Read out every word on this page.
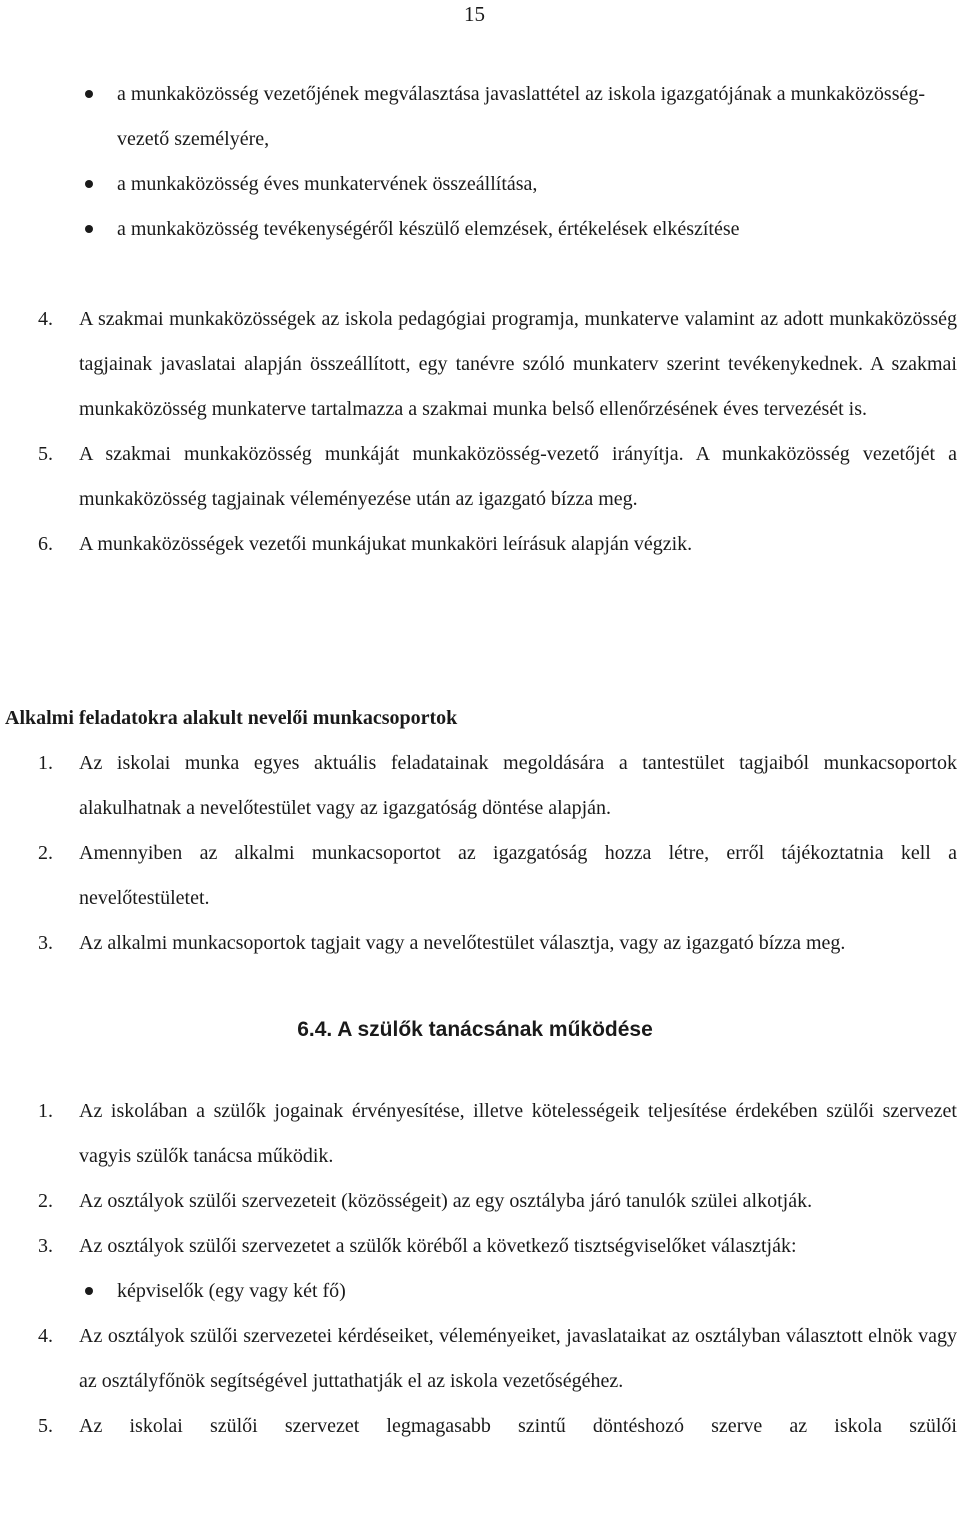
15
a munkaközösség vezetőjének megválasztása javaslattétel az iskola igazgatójának a munkaközösség-vezető személyére,
a munkaközösség éves munkatervének összeállítása,
a munkaközösség tevékenységéről készülő elemzések, értékelések elkészítése
4. A szakmai munkaközösségek az iskola pedagógiai programja, munkaterve valamint az adott munkaközösség tagjainak javaslatai alapján összeállított, egy tanévre szóló munkaterv szerint tevékenykednek. A szakmai munkaközösség munkaterve tartalmazza a szakmai munka belső ellenőrzésének éves tervezését is.
5. A szakmai munkaközösség munkáját munkaközösség-vezető irányítja. A munkaközösség vezetőjét a munkaközösség tagjainak véleményezése után az igazgató bízza meg.
6. A munkaközösségek vezetői munkájukat munkaköri leírásuk alapján végzik.
Alkalmi feladatokra alakult nevelői munkacsoportok
1. Az iskolai munka egyes aktuális feladatainak megoldására a tantestület tagjaiból munkacsoportok alakulhatnak a nevelőtestület vagy az igazgatóság döntése alapján.
2. Amennyiben az alkalmi munkacsoportot az igazgatóság hozza létre, erről tájékoztatnia kell a nevelőtestületet.
3. Az alkalmi munkacsoportok tagjait vagy a nevelőtestület választja, vagy az igazgató bízza meg.
6.4. A szülők tanácsának működése
1. Az iskolában a szülők jogainak érvényesítése, illetve kötelességeik teljesítése érdekében szülői szervezet vagyis szülők tanácsa működik.
2. Az osztályok szülői szervezeteit (közösségeit) az egy osztályba járó tanulók szülei alkotják.
3. Az osztályok szülői szervezetet a szülők köréből a következő tisztségviselőket választják:
képviselők (egy vagy két fő)
4. Az osztályok szülői szervezetei kérdéseiket, véleményeiket, javaslataikat az osztályban választott elnök vagy az osztályfőnök segítségével juttathatják el az iskola vezetőségéhez.
5. Az iskolai szülői szervezet legmagasabb szintű döntéshozó szerve az iskola szülői
